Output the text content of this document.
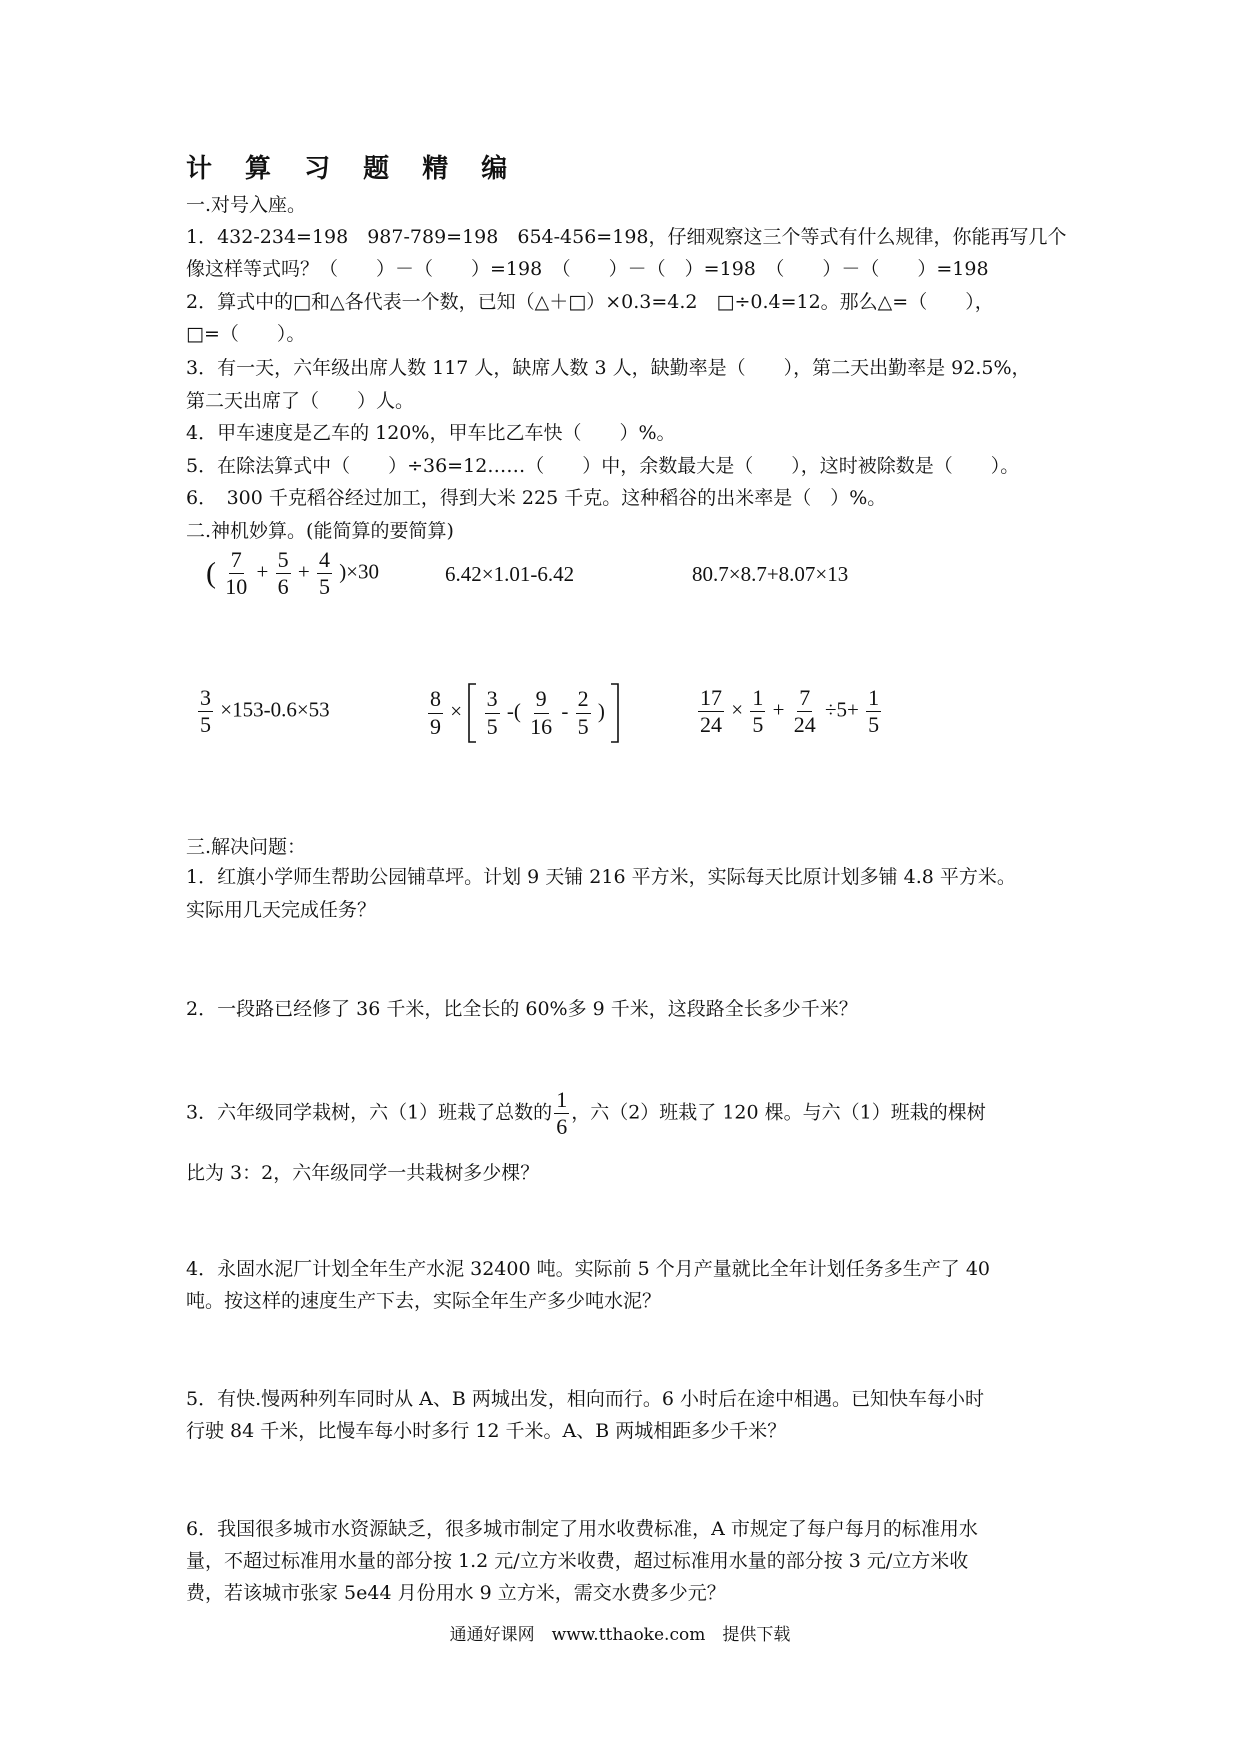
计 算 习 题 精 编
一.对号入座。
1．432-234=198　987-789=198　654-456=198，仔细观察这三个等式有什么规律，你能再写几个
像这样等式吗？（　　）－（　　）=198　（　　）－（　）=198　（　　）－（　　）=198
2．算式中的□和△各代表一个数，已知（△＋□）×0.3=4.2　□÷0.4=12。那么△=（　　），
□=（　　）。
3．有一天，六年级出席人数 117 人，缺席人数 3 人，缺勤率是（　　），第二天出勤率是 92.5%，
第二天出席了（　　）人。
4．甲车速度是乙车的 120%，甲车比乙车快（　　）%。
5．在除法算式中（　　）÷36=12……（　　）中，余数最大是（　　），这时被除数是（　　）。
6．　300 千克稻谷经过加工，得到大米 225 千克。这种稻谷的出米率是（　）%。
二.神机妙算。(能简算的要简算)
( $\frac{7}{10} + \frac{5}{6} + \frac{4}{5} )\times 30$	6.42×1.01-6.42	80.7×8.7+8.07×13
$\frac{3}{5} \times 153-0.6\times 53$	$\frac{8}{9} \times \frac{3}{5}$ -( $\frac{9}{16} - \frac{2}{5}$ )	$\frac{17}{24} \times \frac{1}{5} + \frac{7}{24} \div 5+ \frac{1}{5}$
三.解决问题：
1．红旗小学师生帮助公园铺草坪。计划 9 天铺 216 平方米，实际每天比原计划多铺 4.8 平方米。
实际用几天完成任务？
2．一段路已经修了 36 千米，比全长的 60%多 9 千米，这段路全长多少千米？
3．六年级同学栽树，六（1）班栽了总数的 $\frac{1}{6}$ ，六（2）班栽了 120 棵。与六（1）班栽的棵树
比为 3：2，六年级同学一共栽树多少棵？
4．永固水泥厂计划全年生产水泥 32400 吨。实际前 5 个月产量就比全年计划任务多生产了 40
吨。按这样的速度生产下去，实际全年生产多少吨水泥？
5．有快.慢两种列车同时从 A、B 两城出发，相向而行。6 小时后在途中相遇。已知快车每小时
行驶 84 千米，比慢车每小时多行 12 千米。A、B 两城相距多少千米？
6．我国很多城市水资源缺乏，很多城市制定了用水收费标准，A 市规定了每户每月的标准用水
量，不超过标准用水量的部分按 1.2 元/立方米收费，超过标准用水量的部分按 3 元/立方米收
费，若该城市张家 5e44 月份用水 9 立方米，需交水费多少元？
通通好课网　www.tthaoke.com　提供下载
